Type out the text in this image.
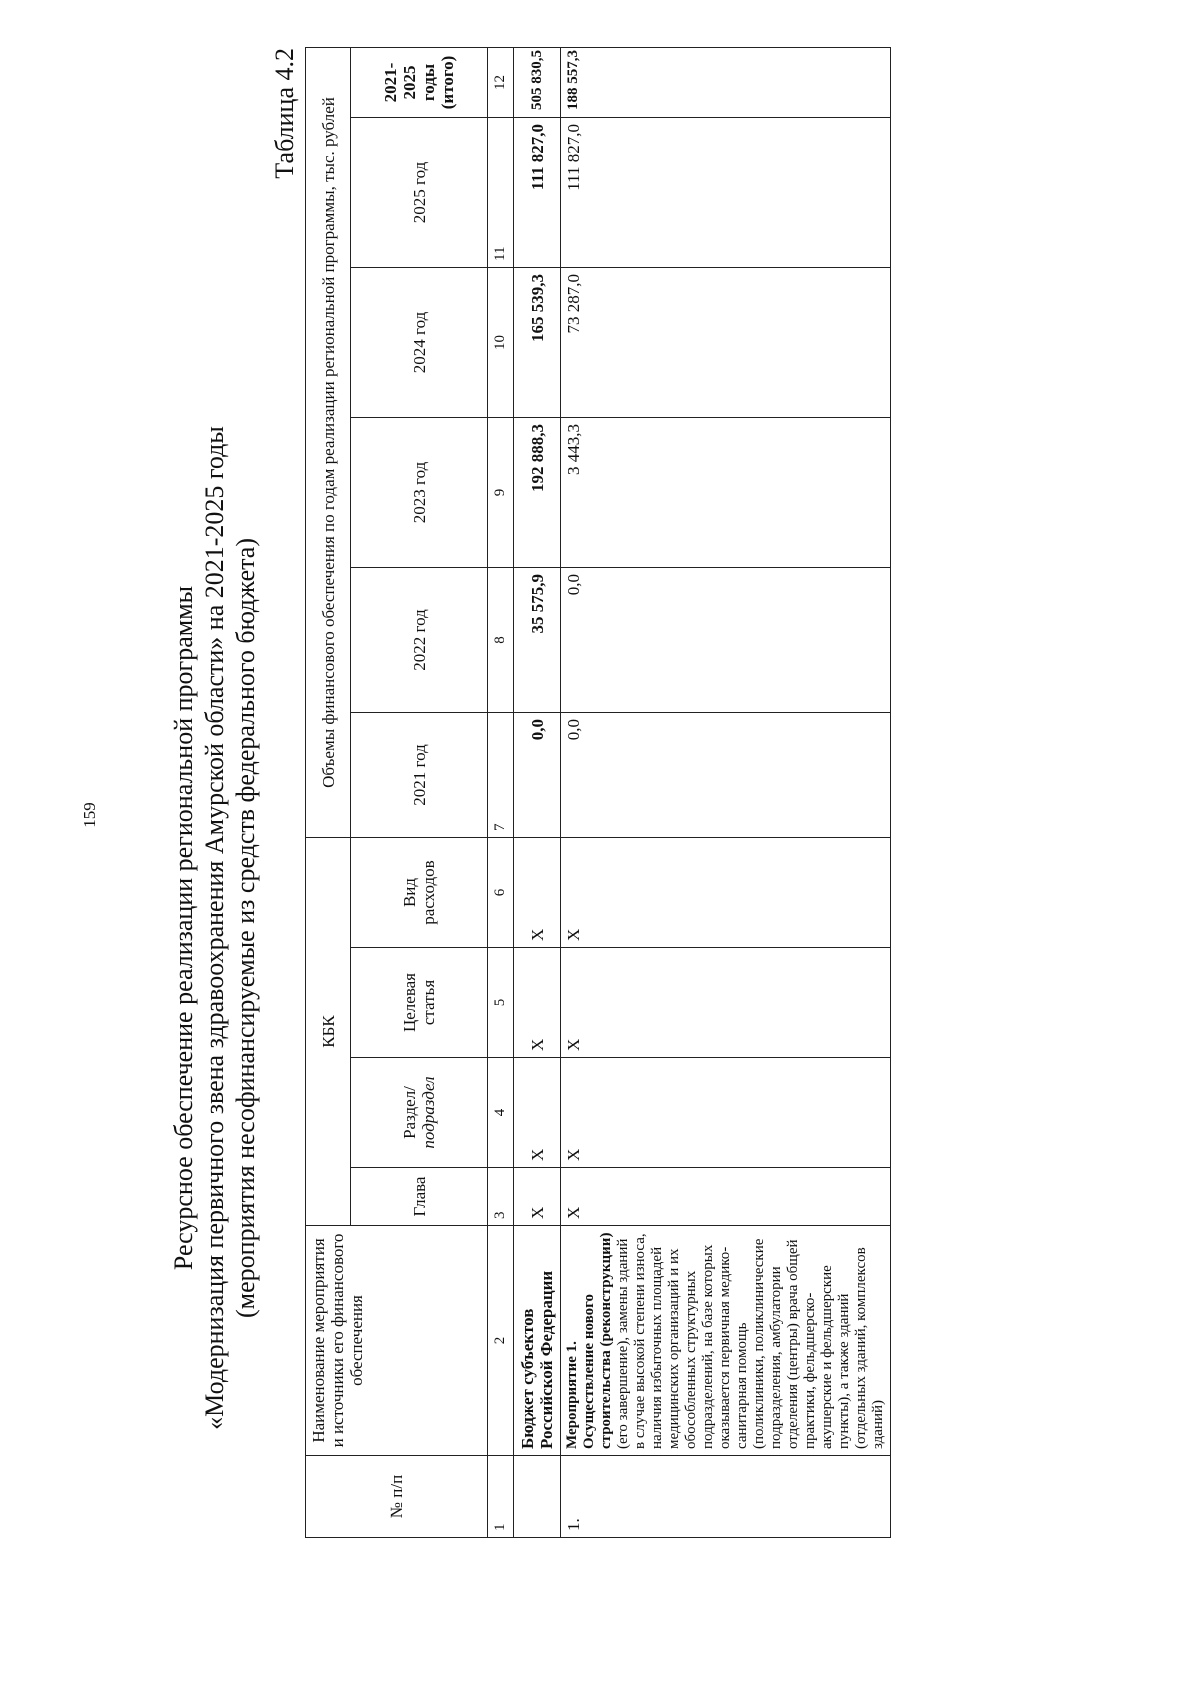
159	Ресурсное обеспечение реализации региональной программы «Модернизация первичного звена здравоохранения Амурской области» на 2021-2025 годы (мероприятия несофинансируемые из средств федерального бюджета)
Таблица 4.2
№ п/п	Наименование мероприятия и источники его финансового обеспечения	КБК				Объемы финансового обеспечения по годам реализации региональной программы, тыс. рублей					
		Глава	Раздел/ подраздел	Целевая статья	Вид расходов	2021 год	2022 год	2023 год	2024 год	2025 год	2021-2025 годы (итого)
1	2	3	4	5	6	7	8	9	10	11	12
	Бюджет субъектов Российской Федерации	Х	Х	Х	Х	0,0	35 575,9	192 888,3	165 539,3	111 827,0	505 830,5
1.	Мероприятие 1. Осуществление нового строительства (реконструкции) (его завершение), замены зданий в случае высокой степени износа, наличия избыточных площадей медицинских организаций и их обособленных структурных подразделений, на базе которых оказывается первичная медико-санитарная помощь (поликлиники, поликлинические подразделения, амбулатории отделения (центры) врача общей практики, фельдшерско-акушерские и фельдшерские пункты), а также зданий (отдельных зданий, комплексов зданий)	Х	Х	Х	Х	0,0	0,0	3 443,3	73 287,0	111 827,0	188 557,3
